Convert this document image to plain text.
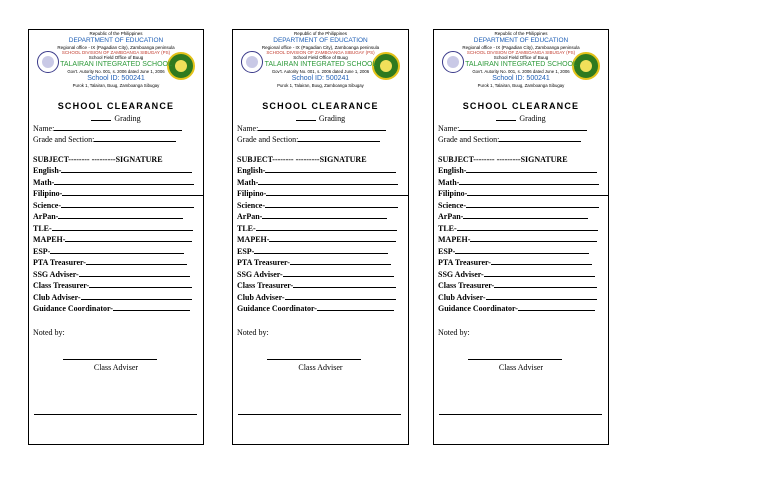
Republic of the Philippines
DEPARTMENT OF EDUCATION
Regional office - IX (Pagadian City), Zamboanga peninsula
SCHOOL DIVISION OF ZAMBOANGA SIBUGAY (PS)
School Field Office of Buug
TALAIRAN INTEGRATED SCHOOL
Gov't. Autority No. 001, s. 2006 dated June 1, 2006
School ID: 500241
Purok 1, Talairan, Buug, Zamboanga Sibugay
SCHOOL CLEARANCE
Grading
Name:
Grade and Section:
SUBJECT-------- ---------SIGNATURE
English-
Math-
Filipino-
Science-
ArPan-
TLE-
MAPEH-
ESP-
PTA Treasurer-
SSG Adviser-
Class Treasurer-
Club Adviser-
Guidance Coordinator-
Noted by:
Class Adviser
Republic of the Philippines
DEPARTMENT OF EDUCATION
Regional office - IX (Pagadian City), Zamboanga peninsula
SCHOOL DIVISION OF ZAMBOANGA SIBUGAY (PS)
School Field Office of Buug
TALAIRAN INTEGRATED SCHOOL
Gov't. Autority No. 001, s. 2006 dated June 1, 2006
School ID: 500241
Purok 1, Talairan, Buug, Zamboanga Sibugay
SCHOOL CLEARANCE
Grading
Name:
Grade and Section:
SUBJECT-------- ---------SIGNATURE
English-
Math-
Filipino-
Science-
ArPan-
TLE-
MAPEH-
ESP-
PTA Treasurer-
SSG Adviser-
Class Treasurer-
Club Adviser-
Guidance Coordinator-
Noted by:
Class Adviser
Republic of the Philippines
DEPARTMENT OF EDUCATION
Regional office - IX (Pagadian City), Zamboanga peninsula
SCHOOL DIVISION OF ZAMBOANGA SIBUGAY (PS)
School Field Office of Buug
TALAIRAN INTEGRATED SCHOOL
Gov't. Autority No. 001, s. 2006 dated June 1, 2006
School ID: 500241
Purok 1, Talairan, Buug, Zamboanga Sibugay
SCHOOL CLEARANCE
Grading
Name:
Grade and Section:
SUBJECT-------- ---------SIGNATURE
English-
Math-
Filipino-
Science-
ArPan-
TLE-
MAPEH-
ESP-
PTA Treasurer-
SSG Adviser-
Class Treasurer-
Club Adviser-
Guidance Coordinator-
Noted by:
Class Adviser
